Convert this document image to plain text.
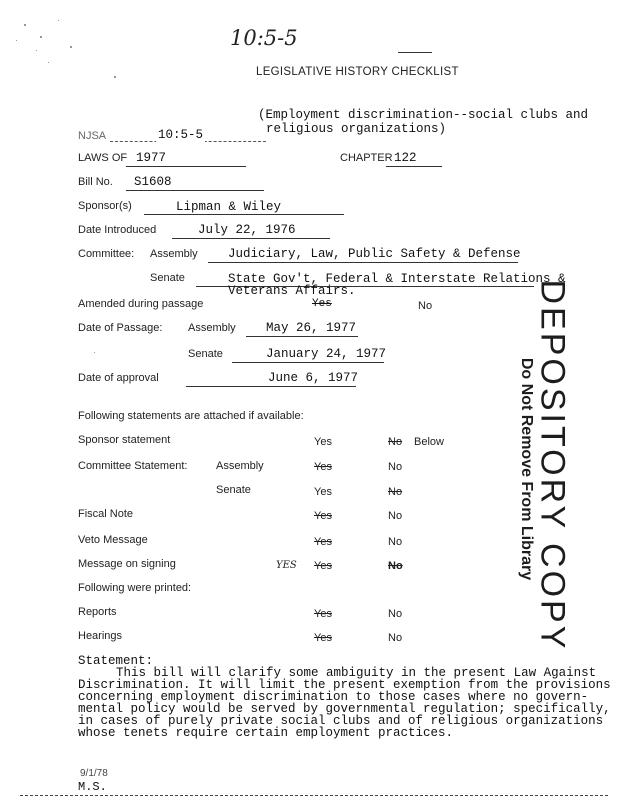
10:5-5
LEGISLATIVE HISTORY CHECKLIST
(Employment discrimination--social clubs and
religious organizations)
NJSA	10:5-5
LAWS OF 1977	CHAPTER 122
Bill No. S1608
Sponsor(s)	Lipman & Wiley
Date Introduced	July 22, 1976
Committee: Assembly Judiciary, Law, Public Safety & Defense
Senate	State Gov't, Federal & Interstate Relations &
Veterans Affairs.
Amended during passage	Yes	No
Date of Passage: Assembly May 26, 1977
Senate	January 24, 1977
Date of approval	June 6, 1977
Following statements are attached if available:
Sponsor statement	Yes	No Below
Committee Statement:	Assembly	Yes	No
Senate	Yes	No
Fiscal Note	Yes	No
Veto Message	Yes	No
Message on signing	YES Yes	No
Following were printed:
Reports	Yes	No
Hearings	Yes	No
Statement:
This bill will clarify some ambiguity in the present Law Against
Discrimination. It will limit the present exemption from the provisions
concerning employment discrimination to those cases where no govern-
mental policy would be served by governmental regulation; specifically,
in cases of purely private social clubs and of religious organizations
whose tenets require certain employment practices.
9/1/78
M.S.
DEPOSITORY COPY
Do Not Remove From Library
